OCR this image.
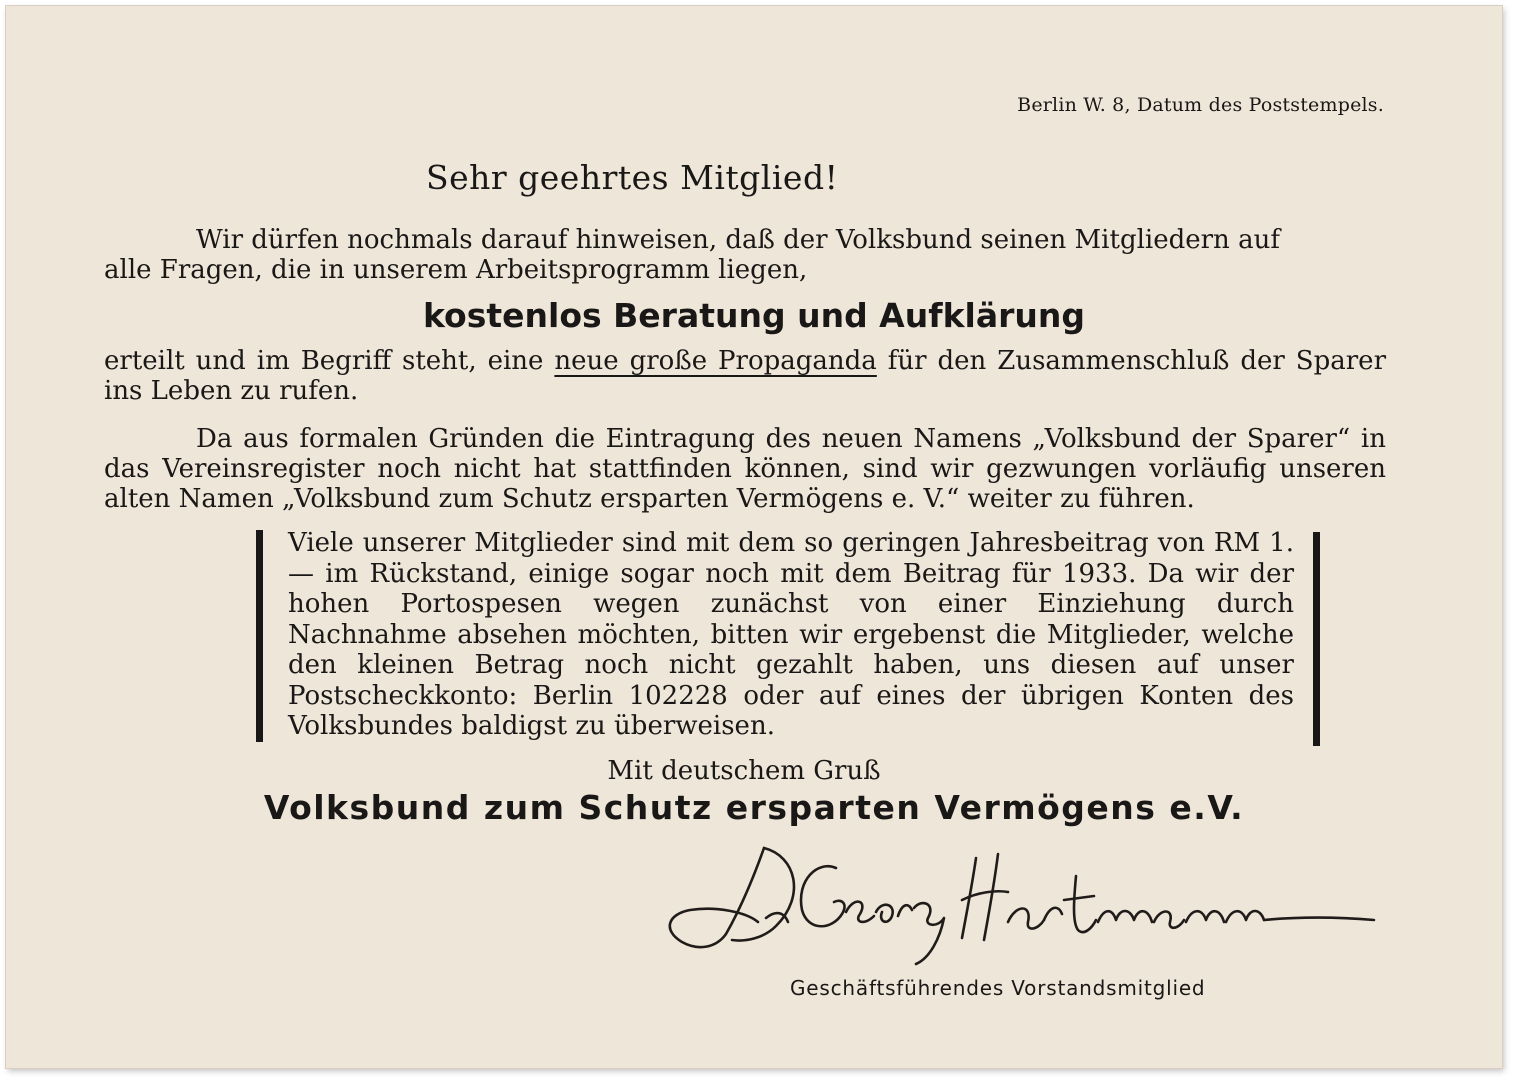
Berlin W. 8, Datum des Poststempels.
Sehr geehrtes Mitglied!
Wir dürfen nochmals darauf hinweisen, daß der Volksbund seinen Mitgliedern auf
alle Fragen, die in unserem Arbeitsprogramm liegen,
kostenlos Beratung und Aufklärung
erteilt und im Begriff steht, eine neue große Propaganda für den Zusammenschluß der Sparer ins Leben zu rufen.
Da aus formalen Gründen die Eintragung des neuen Namens „Volksbund der Sparer“ in das Vereinsregister noch nicht hat stattfinden können, sind wir gezwungen vorläufig unseren alten Namen „Volksbund zum Schutz ersparten Vermögens e. V.“ weiter zu führen.
Viele unserer Mitglieder sind mit dem so geringen Jahresbeitrag von RM 1.— im Rückstand, einige sogar noch mit dem Beitrag für 1933. Da wir der hohen Portospesen wegen zunächst von einer Einziehung durch Nachnahme absehen möchten, bitten wir ergebenst die Mitglieder, welche den kleinen Betrag noch nicht gezahlt haben, uns diesen auf unser Postscheckkonto: Berlin 102228 oder auf eines der übrigen Konten des Volksbundes baldigst zu überweisen.
Mit deutschem Gruß
Volksbund zum Schutz ersparten Vermögens e.V.
Geschäftsführendes Vorstandsmitglied
